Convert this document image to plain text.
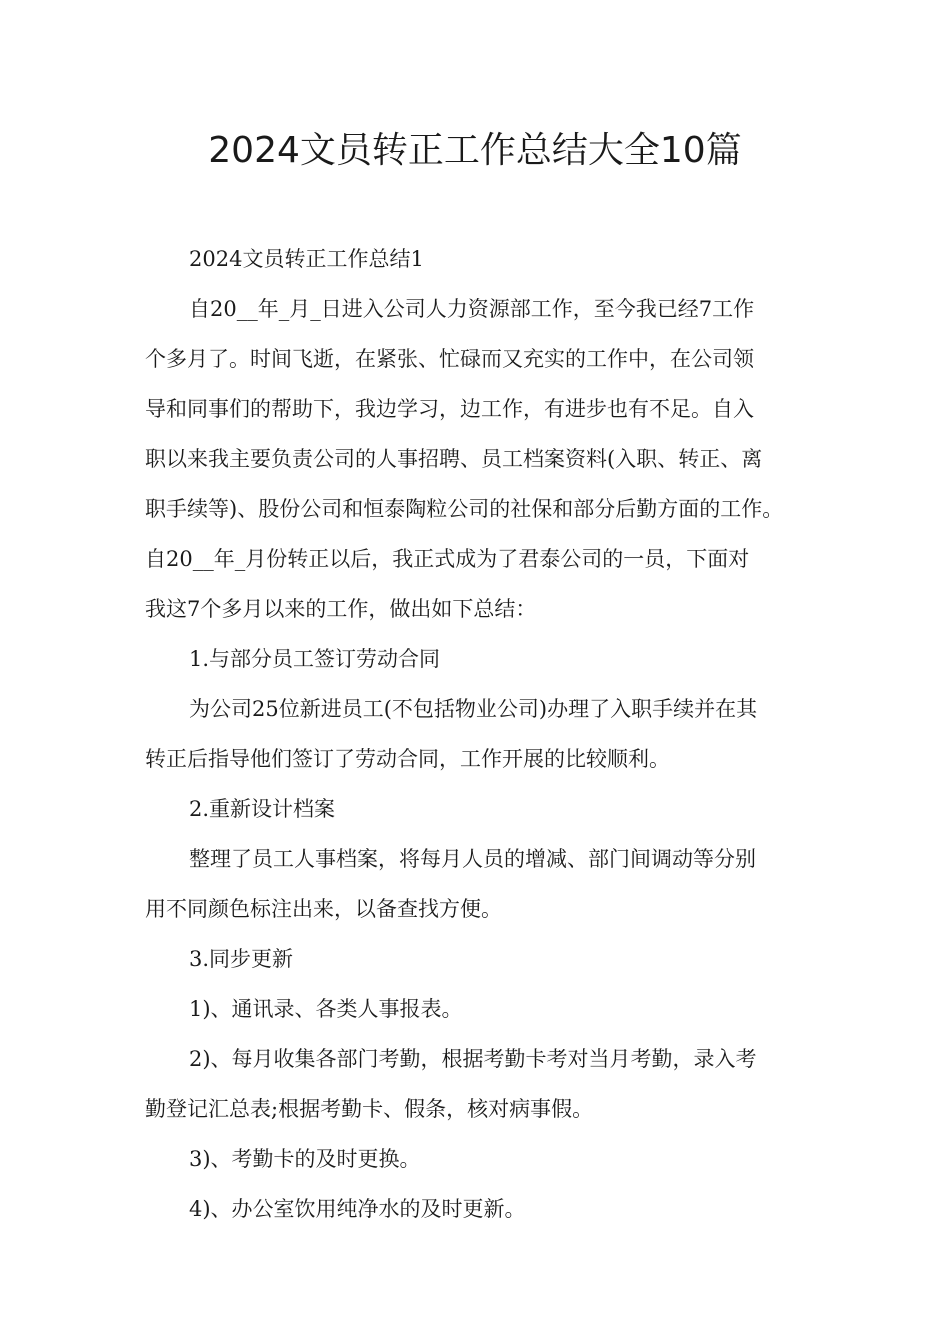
2024文员转正工作总结大全10篇

2024文员转正工作总结1

自20__年_月_日进入公司人力资源部工作，至今我已经7工作

个多月了。时间飞逝，在紧张、忙碌而又充实的工作中，在公司领

导和同事们的帮助下，我边学习，边工作，有进步也有不足。自入

职以来我主要负责公司的人事招聘、员工档案资料(入职、转正、离

职手续等)、股份公司和恒泰陶粒公司的社保和部分后勤方面的工作。

自20__年_月份转正以后，我正式成为了君泰公司的一员，下面对

我这7个多月以来的工作，做出如下总结：

1.与部分员工签订劳动合同

为公司25位新进员工(不包括物业公司)办理了入职手续并在其

转正后指导他们签订了劳动合同，工作开展的比较顺利。

2.重新设计档案

整理了员工人事档案，将每月人员的增减、部门间调动等分别

用不同颜色标注出来，以备查找方便。

3.同步更新

1)、通讯录、各类人事报表。

2)、每月收集各部门考勤，根据考勤卡考对当月考勤，录入考

勤登记汇总表;根据考勤卡、假条，核对病事假。

3)、考勤卡的及时更换。

4)、办公室饮用纯净水的及时更新。
